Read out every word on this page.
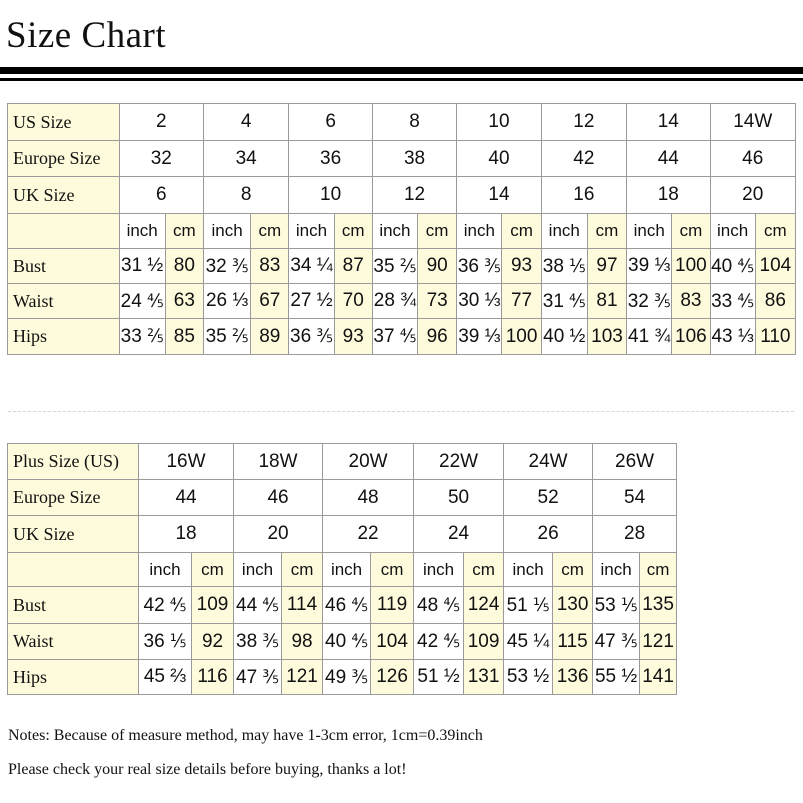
Size Chart
US Size	2		4		6		8		10		12		14		14W	
Europe Size	32		34		36		38		40		42		44		46	
UK Size	6		8		10		12		14		16		18		20	
	inch	cm	inch	cm	inch	cm	inch	cm	inch	cm	inch	cm	inch	cm	inch	cm
Bust	31 ½	80	32 ⅗	83	34 ¼	87	35 ⅖	90	36 ⅗	93	38 ⅕	97	39 ⅓	100	40 ⅘	104
Waist	24 ⅘	63	26 ⅓	67	27 ½	70	28 ¾	73	30 ⅓	77	31 ⅘	81	32 ⅗	83	33 ⅘	86
Hips	33 ⅖	85	35 ⅖	89	36 ⅗	93	37 ⅘	96	39 ⅓	100	40 ½	103	41 ¾	106	43 ⅓	110
Plus Size (US)	16W		18W		20W		22W		24W		26W	
Europe Size	44		46		48		50		52		54	
UK Size	18		20		22		24		26		28	
	inch	cm	inch	cm	inch	cm	inch	cm	inch	cm	inch	cm
Bust	42 ⅘	109	44 ⅘	114	46 ⅘	119	48 ⅘	124	51 ⅕	130	53 ⅕	135
Waist	36 ⅕	92	38 ⅗	98	40 ⅘	104	42 ⅘	109	45 ¼	115	47 ⅗	121
Hips	45 ⅔	116	47 ⅗	121	49 ⅗	126	51 ½	131	53 ½	136	55 ½	141
Notes: Because of measure method, may have 1-3cm error, 1cm=0.39inch
Please check your real size details before buying, thanks a lot!
